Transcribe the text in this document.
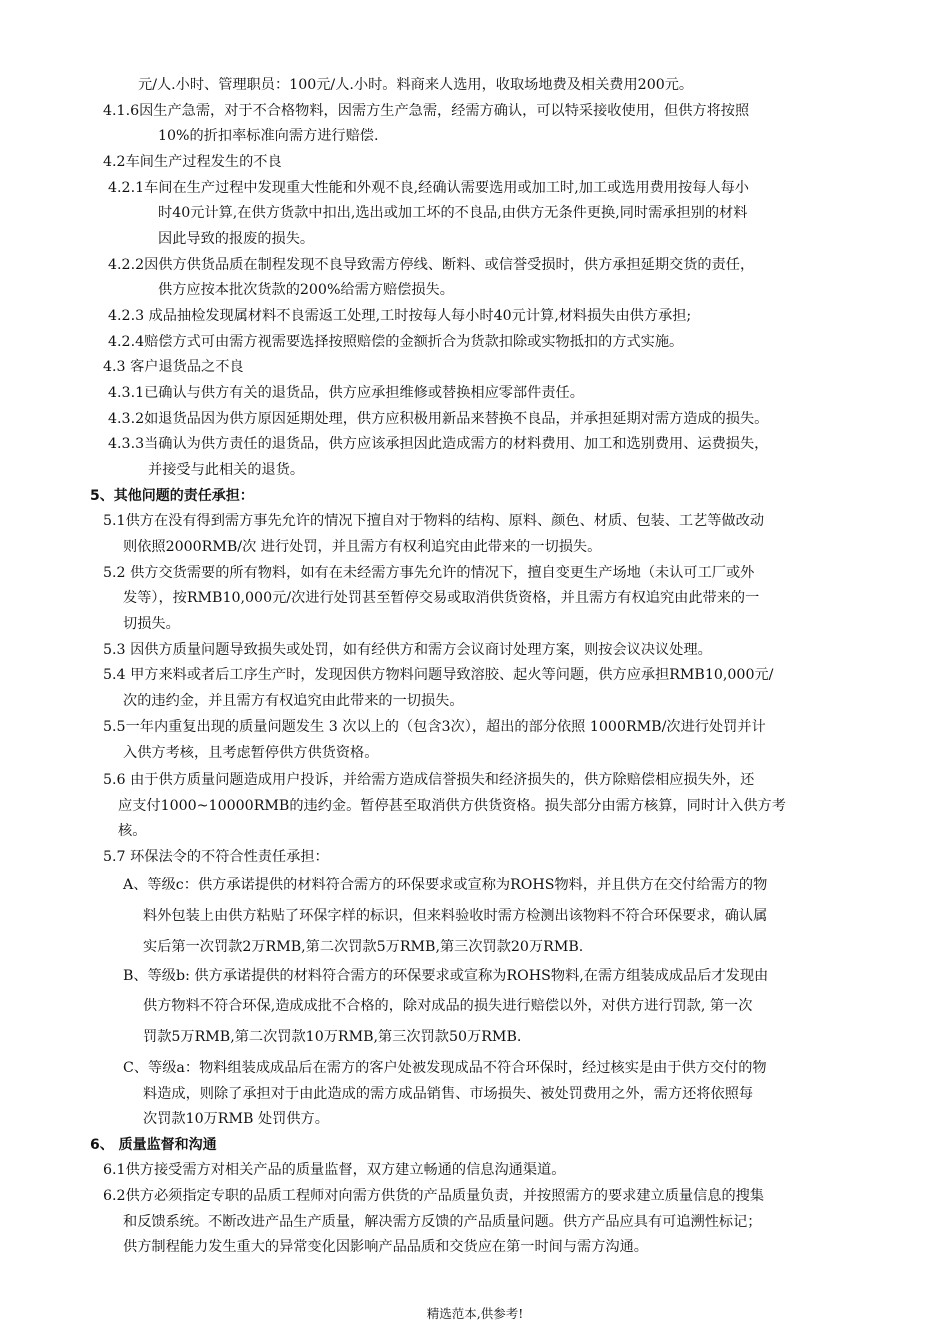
元/人.小时、管理职员：100元/人.小时。料商来人选用，收取场地费及相关费用200元。
4.1.6因生产急需，对于不合格物料，因需方生产急需，经需方确认，可以特采接收使用，但供方将按照
10%的折扣率标准向需方进行赔偿.
4.2车间生产过程发生的不良
4.2.1车间在生产过程中发现重大性能和外观不良,经确认需要选用或加工时,加工或选用费用按每人每小
时40元计算,在供方货款中扣出,选出或加工坏的不良品,由供方无条件更换,同时需承担别的材料
因此导致的报废的损失。
4.2.2因供方供货品质在制程发现不良导致需方停线、断料、或信誉受损时，供方承担延期交货的责任，
供方应按本批次货款的200%给需方赔偿损失。
4.2.3 成品抽检发现属材料不良需返工处理,工时按每人每小时40元计算,材料损失由供方承担;
4.2.4赔偿方式可由需方视需要选择按照赔偿的金额折合为货款扣除或实物抵扣的方式实施。
4.3 客户退货品之不良
4.3.1已确认与供方有关的退货品，供方应承担维修或替换相应零部件责任。
4.3.2如退货品因为供方原因延期处理，供方应积极用新品来替换不良品，并承担延期对需方造成的损失。
4.3.3当确认为供方责任的退货品，供方应该承担因此造成需方的材料费用、加工和选别费用、运费损失，
并接受与此相关的退货。
5、其他问题的责任承担：
5.1供方在没有得到需方事先允许的情况下擅自对于物料的结构、原料、颜色、材质、包装、工艺等做改动
则依照2000RMB/次 进行处罚，并且需方有权利追究由此带来的一切损失。
5.2 供方交货需要的所有物料，如有在未经需方事先允许的情况下，擅自变更生产场地（未认可工厂或外
发等），按RMB10,000元/次进行处罚甚至暂停交易或取消供货资格，并且需方有权追究由此带来的一
切损失。
5.3 因供方质量问题导致损失或处罚，如有经供方和需方会议商讨处理方案，则按会议决议处理。
5.4 甲方来料或者后工序生产时，发现因供方物料问题导致溶胶、起火等问题，供方应承担RMB10,000元/
次的违约金，并且需方有权追究由此带来的一切损失。
5.5一年内重复出现的质量问题发生 3 次以上的（包含3次），超出的部分依照 1000RMB/次进行处罚并计
入供方考核，且考虑暂停供方供货资格。
5.6 由于供方质量问题造成用户投诉，并给需方造成信誉损失和经济损失的，供方除赔偿相应损失外，还
应支付1000~10000RMB的违约金。暂停甚至取消供方供货资格。损失部分由需方核算，同时计入供方考
核。
5.7 环保法令的不符合性责任承担：
A、等级c：供方承诺提供的材料符合需方的环保要求或宣称为ROHS物料，并且供方在交付给需方的物
料外包装上由供方粘贴了环保字样的标识，但来料验收时需方检测出该物料不符合环保要求，确认属
实后第一次罚款2万RMB,第二次罚款5万RMB,第三次罚款20万RMB.
B、等级b: 供方承诺提供的材料符合需方的环保要求或宣称为ROHS物料,在需方组装成成品后才发现由
供方物料不符合环保,造成成批不合格的，除对成品的损失进行赔偿以外，对供方进行罚款, 第一次
罚款5万RMB,第二次罚款10万RMB,第三次罚款50万RMB.
C、等级a：物料组装成成品后在需方的客户处被发现成品不符合环保时，经过核实是由于供方交付的物
料造成，则除了承担对于由此造成的需方成品销售、市场损失、被处罚费用之外，需方还将依照每
次罚款10万RMB 处罚供方。
6、 质量监督和沟通
6.1供方接受需方对相关产品的质量监督，双方建立畅通的信息沟通渠道。
6.2供方必须指定专职的品质工程师对向需方供货的产品质量负责，并按照需方的要求建立质量信息的搜集
和反馈系统。不断改进产品生产质量，解决需方反馈的产品质量问题。供方产品应具有可追溯性标记；
供方制程能力发生重大的异常变化因影响产品品质和交货应在第一时间与需方沟通。
精选范本,供参考!
